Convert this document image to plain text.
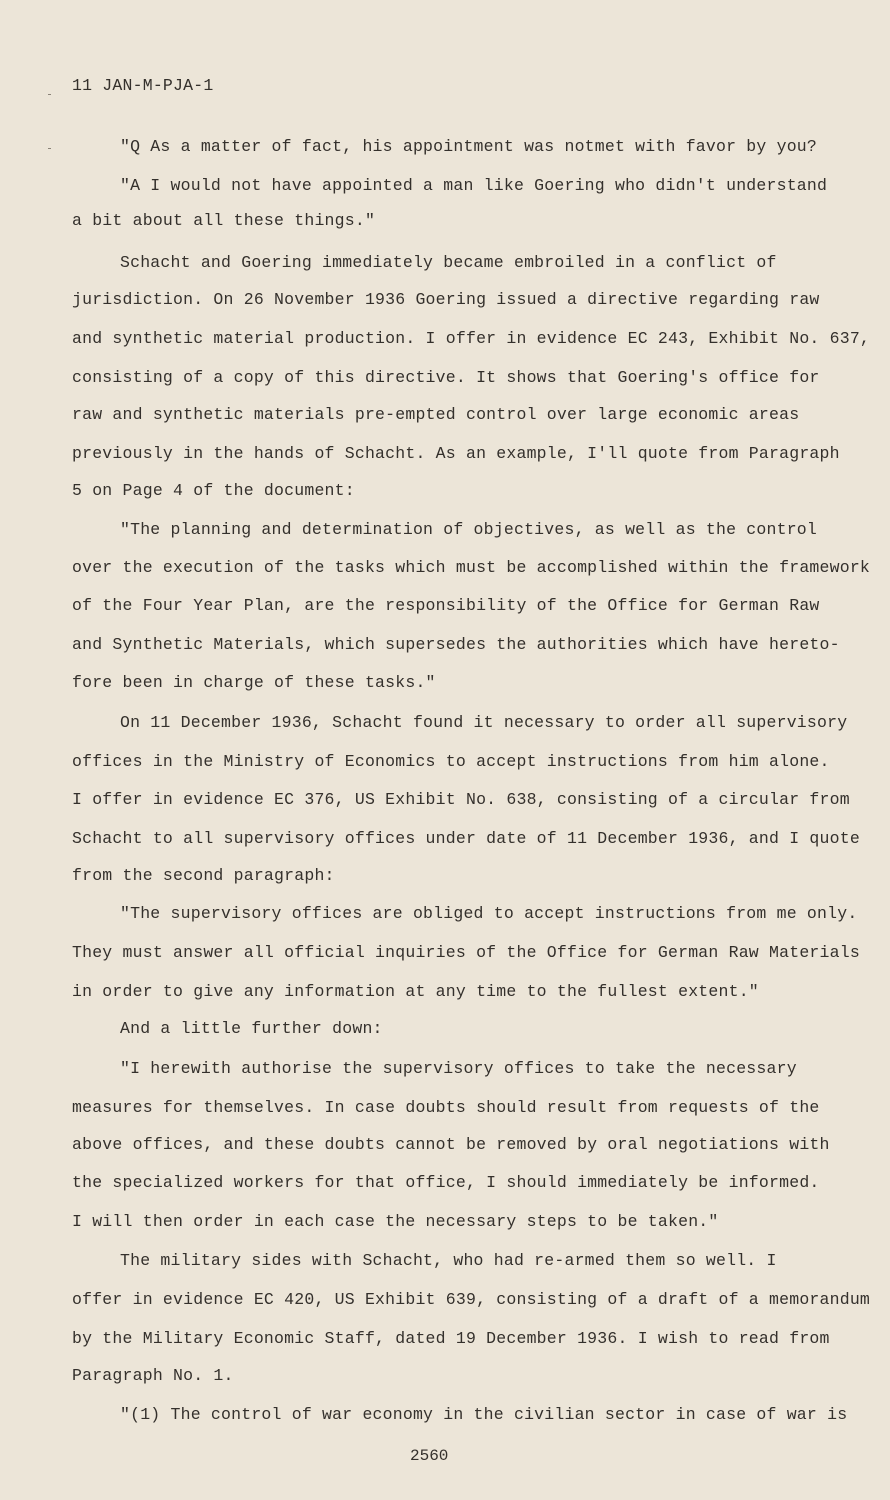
11 JAN-M-PJA-1
"Q As a matter of fact, his appointment was notmet with favor by you?
"A I would not have appointed a man like Goering who didn't understand
a bit about all these things."
Schacht and Goering immediately became embroiled in a conflict of
jurisdiction. On 26 November 1936 Goering issued a directive regarding raw
and synthetic material production. I offer in evidence EC 243, Exhibit No. 637,
consisting of a copy of this directive. It shows that Goering's office for
raw and synthetic materials pre-empted control over large economic areas
previously in the hands of Schacht. As an example, I'll quote from Paragraph
5 on Page 4 of the document:
"The planning and determination of objectives, as well as the control
over the execution of the tasks which must be accomplished within the framework
of the Four Year Plan, are the responsibility of the Office for German Raw
and Synthetic Materials, which supersedes the authorities which have hereto-
fore been in charge of these tasks."
On 11 December 1936, Schacht found it necessary to order all supervisory
offices in the Ministry of Economics to accept instructions from him alone.
I offer in evidence EC 376, US Exhibit No. 638, consisting of a circular from
Schacht to all supervisory offices under date of 11 December 1936, and I quote
from the second paragraph:
"The supervisory offices are obliged to accept instructions from me only.
They must answer all official inquiries of the Office for German Raw Materials
in order to give any information at any time to the fullest extent."
And a little further down:
"I herewith authorise the supervisory offices to take the necessary
measures for themselves. In case doubts should result from requests of the
above offices, and these doubts cannot be removed by oral negotiations with
the specialized workers for that office, I should immediately be informed.
I will then order in each case the necessary steps to be taken."
The military sides with Schacht, who had re-armed them so well. I
offer in evidence EC 420, US Exhibit 639, consisting of a draft of a memorandum
by the Military Economic Staff, dated 19 December 1936. I wish to read from
Paragraph No. 1.
"(1) The control of war economy in the civilian sector in case of war is
2560
